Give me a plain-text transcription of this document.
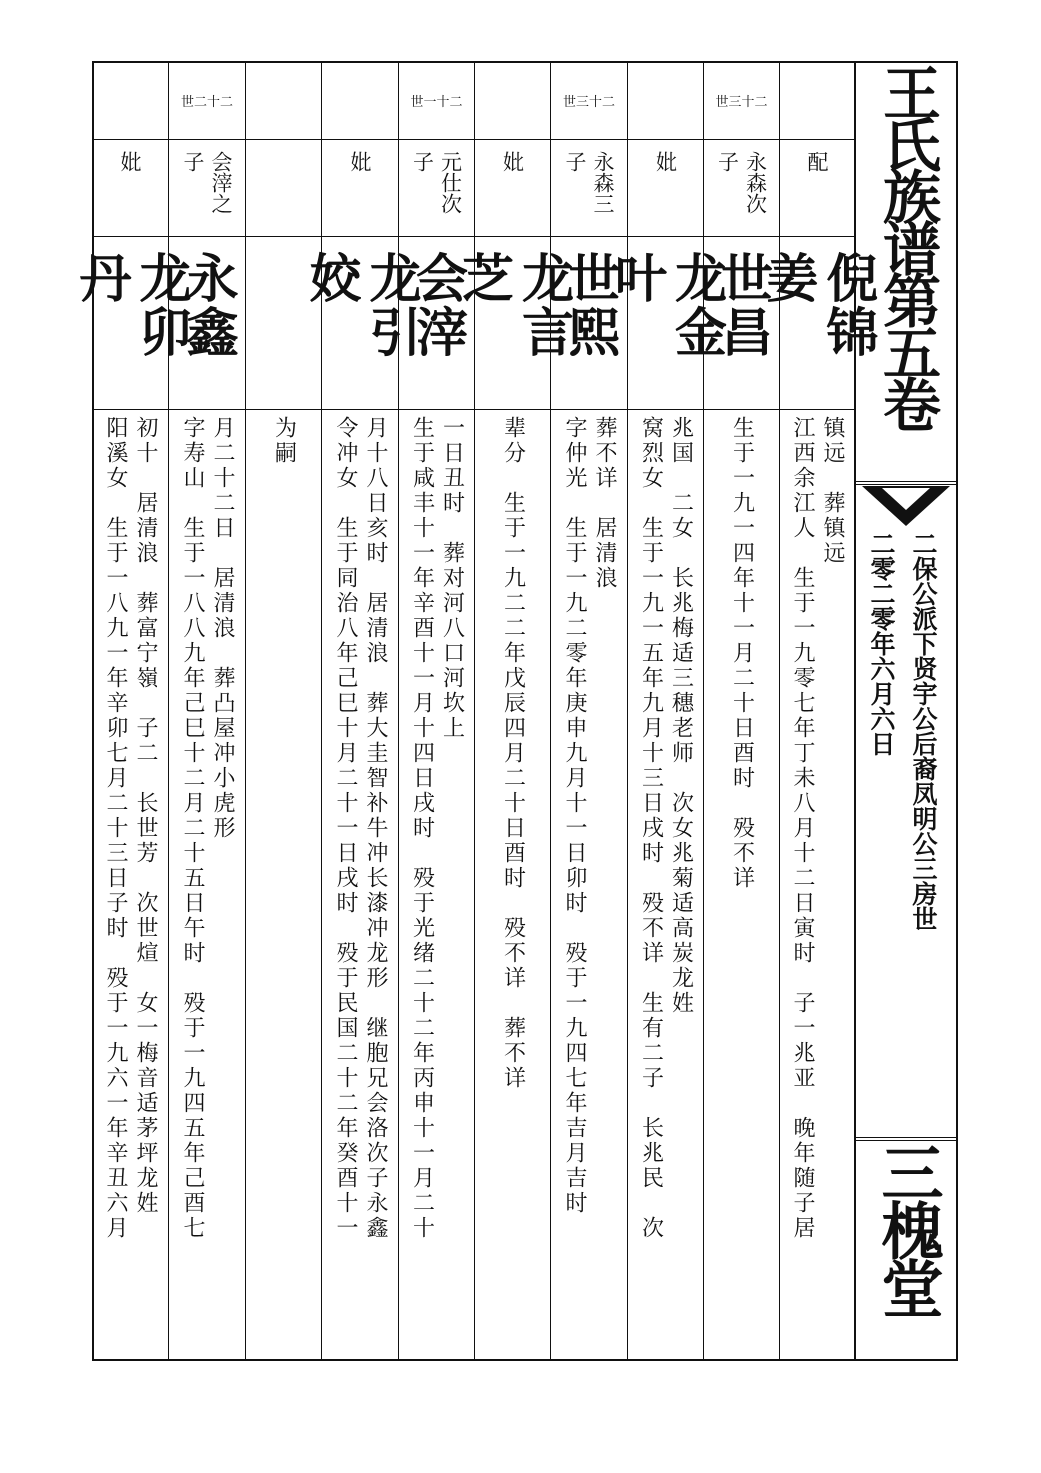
妣
龙卯丹
阳溪女　生于一八九一年辛卯七月二十三日子时　殁于一九六一年辛丑六月 初十　居清浪　葬富宁嶺　子二　长世芳　次世煊　女一梅音适茅坪龙姓
世二十二
会滓之子
永鑫
字寿山　生于一八八九年己巳十二月二十五日午时　殁于一九四五年己酉七 月二十二日　居清浪　葬凸屋冲小虎形 为嗣
妣
龙引姣
令冲女　生于同治八年己巳十月二十一日戌时　殁于民国二十二年癸酉十一 月十八日亥时　居清浪　葬大圭智补牛冲长漆冲龙形　继胞兄会洛次子永鑫
世一十二
元仕次子
会滓
生于咸丰十一年辛酉十一月十四日戌时　殁于光绪二十二年丙申十一月二十 一日丑时　葬对河八口河坎上
妣
龙言芝
辈分　生于一九二二年戊辰四月二十日酉时　殁不详　葬不详
世三十二
永森三子
世熙
字仲光　生于一九二零年庚申九月十一日卯时　殁于一九四七年吉月吉时 葬不详　居清浪
妣
龙金叶
窝烈女　生于一九一五年九月十三日戌时　殁不详　生有二子　长兆民　次 兆国　二女　长兆梅适三穗老师　次女兆菊适高炭龙姓
世三十二
永森次子
世昌
生于一九一四年十一月二十日酉时　殁不详
配
倪锦姜
江西余江人　生于一九零七年丁未八月十二日寅时　子一兆亚　晚年随子居 镇远　葬镇远
王氏族谱第五卷
二保公派下贤宇公后裔凤明公三房世
二零二零年六月六日
三槐堂
